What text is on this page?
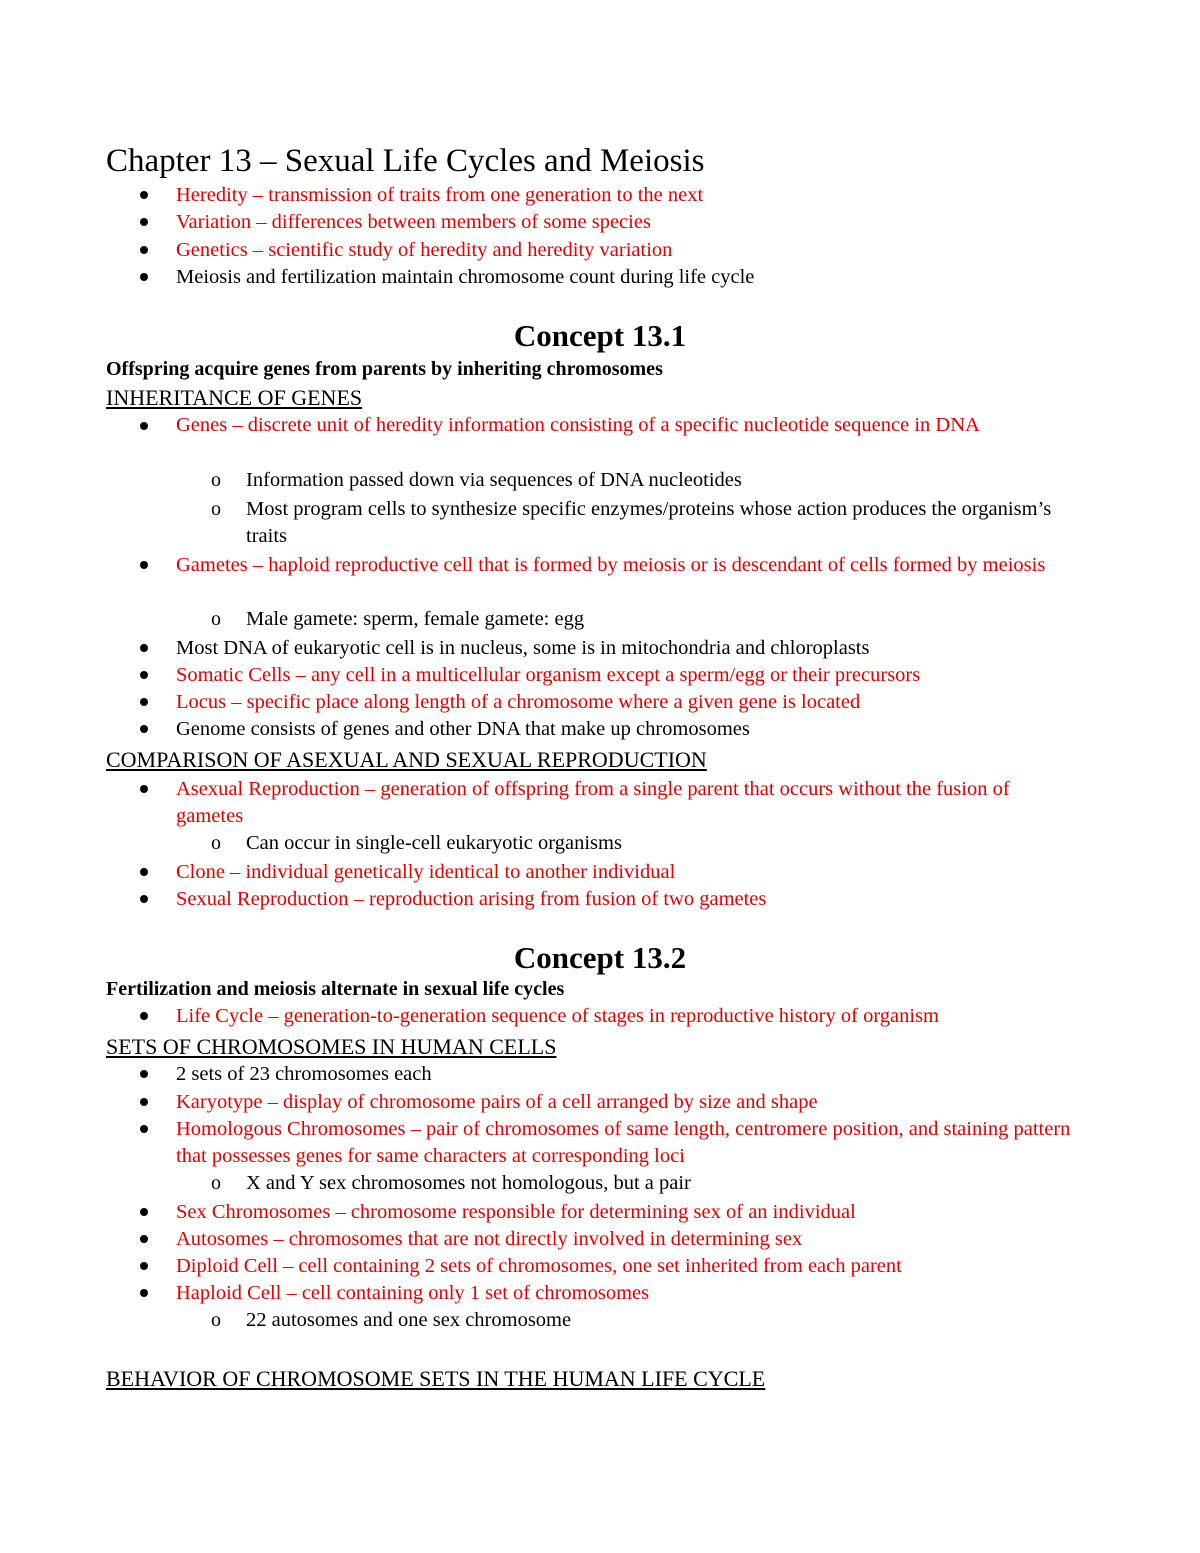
Chapter 13 – Sexual Life Cycles and Meiosis

Heredity – transmission of traits from one generation to the next

Variation – differences between members of some species

Genetics – scientific study of heredity and heredity variation

Meiosis and fertilization maintain chromosome count during life cycle

Concept 13.1

Offspring acquire genes from parents by inheriting chromosomes

INHERITANCE OF GENES

Genes – discrete unit of heredity information consisting of a specific nucleotide sequence in DNA

o Information passed down via sequences of DNA nucleotides

o Most program cells to synthesize specific enzymes/proteins whose action produces the organism’s traits

Gametes – haploid reproductive cell that is formed by meiosis or is descendant of cells formed by meiosis

o Male gamete: sperm, female gamete: egg

Most DNA of eukaryotic cell is in nucleus, some is in mitochondria and chloroplasts

Somatic Cells – any cell in a multicellular organism except a sperm/egg or their precursors

Locus – specific place along length of a chromosome where a given gene is located

Genome consists of genes and other DNA that make up chromosomes

COMPARISON OF ASEXUAL AND SEXUAL REPRODUCTION

Asexual Reproduction – generation of offspring from a single parent that occurs without the fusion of gametes

o Can occur in single-cell eukaryotic organisms

Clone – individual genetically identical to another individual

Sexual Reproduction – reproduction arising from fusion of two gametes

Concept 13.2

Fertilization and meiosis alternate in sexual life cycles

Life Cycle – generation-to-generation sequence of stages in reproductive history of organism

SETS OF CHROMOSOMES IN HUMAN CELLS

2 sets of 23 chromosomes each

Karyotype – display of chromosome pairs of a cell arranged by size and shape

Homologous Chromosomes – pair of chromosomes of same length, centromere position, and staining pattern that possesses genes for same characters at corresponding loci

o X and Y sex chromosomes not homologous, but a pair

Sex Chromosomes – chromosome responsible for determining sex of an individual

Autosomes – chromosomes that are not directly involved in determining sex

Diploid Cell – cell containing 2 sets of chromosomes, one set inherited from each parent

Haploid Cell – cell containing only 1 set of chromosomes

o 22 autosomes and one sex chromosome

BEHAVIOR OF CHROMOSOME SETS IN THE HUMAN LIFE CYCLE
